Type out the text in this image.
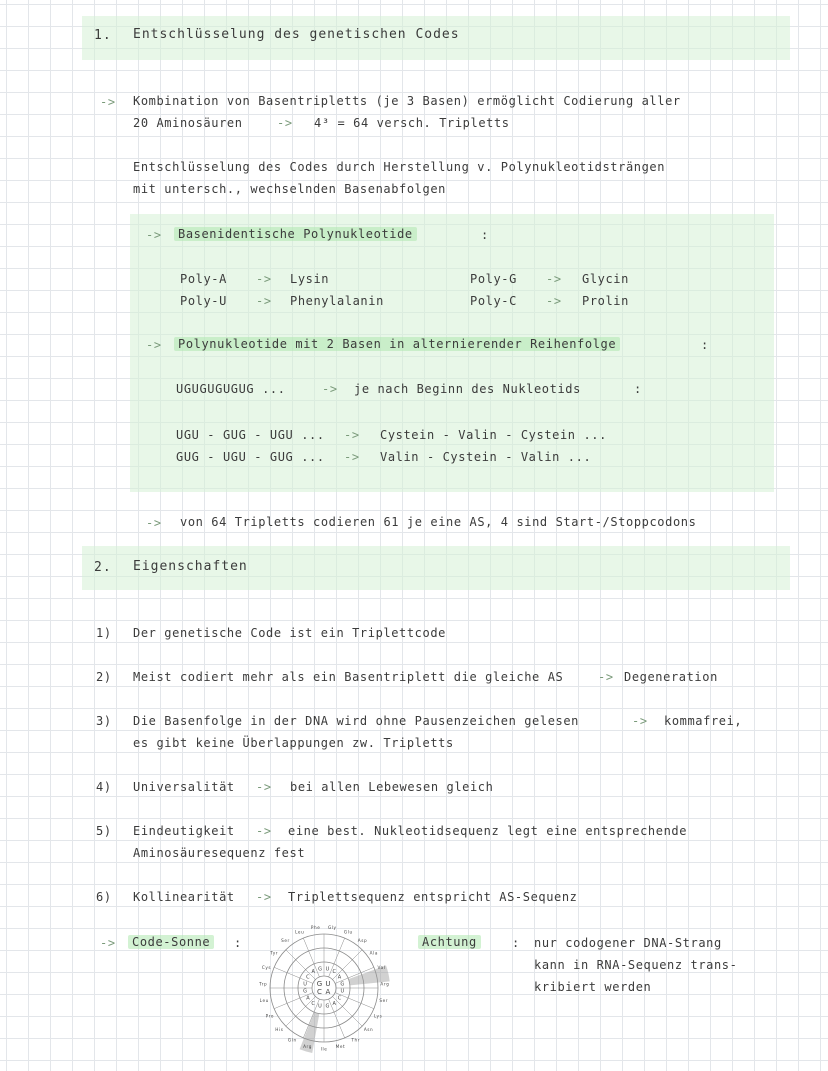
1. Entschlüsselung des genetischen Codes
-> Kombination von Basentripletts (je 3 Basen) ermöglicht Codierung aller
20 Aminosäuren	-> 4³ = 64 versch. Tripletts
Entschlüsselung des Codes durch Herstellung v. Polynukleotidsträngen
mit untersch., wechselnden Basenabfolgen
->	Basenidentische Polynukleotide	:
Poly-A -> Lysin	Poly-G -> Glycin
Poly-U -> Phenylalanin	Poly-C -> Prolin
->	Polynukleotide mit 2 Basen in alternierender Reihenfolge	:
UGUGUGUGUG ...	-> je nach Beginn des Nukleotids	:
UGU - GUG - UGU ... -> Cystein - Valin - Cystein ...
GUG - UGU - GUG ... -> Valin - Cystein - Valin ...
-> von 64 Tripletts codieren 61 je eine AS, 4 sind Start-/Stoppcodons
2. Eigenschaften
1) Der genetische Code ist ein Triplettcode
2) Meist codiert mehr als ein Basentriplett die gleiche AS	-> Degeneration
3) Die Basenfolge in der DNA wird ohne Pausenzeichen gelesen	-> kommafrei,
es gibt keine Überlappungen zw. Tripletts
4) Universalität -> bei allen Lebewesen gleich
5) Eindeutigkeit -> eine best. Nukleotidsequenz legt eine entsprechende
Aminosäuresequenz fest
6) Kollinearität -> Triplettsequenz entspricht AS-Sequenz
->	Code-Sonne	:
G U
A
C
U C
A
G
U
C
A
G
U
C
A
G
U
C
A G
Gly
Glu
Asp
Ala
Val
Arg
Ser
Lys
Asn
Thr
Met
Ile
Arg
Gln
His
Pro
Leu
Trp
Cys
Tyr
Ser
Leu
Phe
Achtung	: nur codogener DNA-Strang
kann in RNA-Sequenz trans-
kribiert werden
